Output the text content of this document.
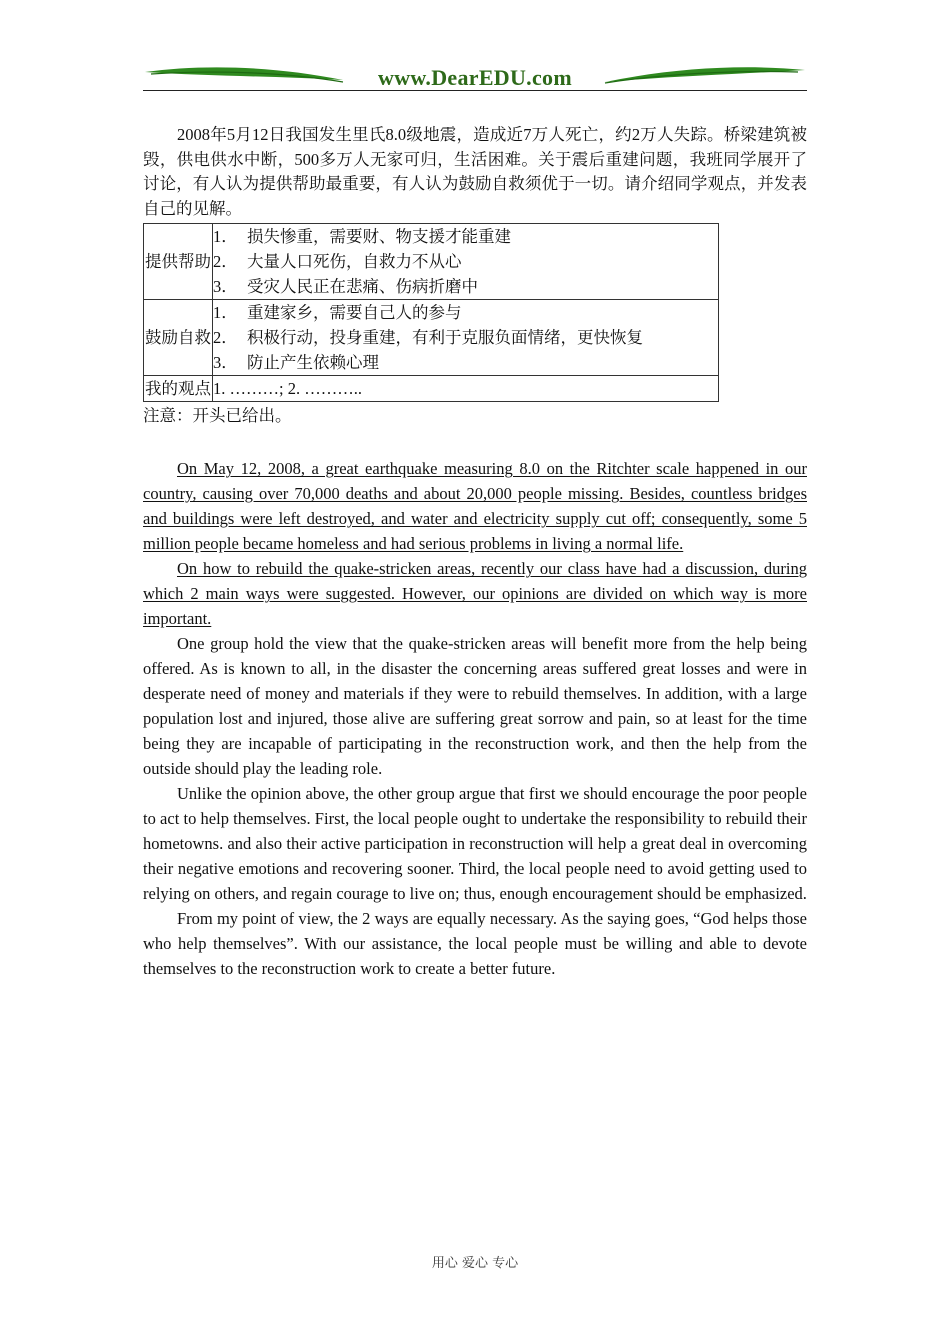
www.DearEDU.com

2008年5月12日我国发生里氏8.0级地震，造成近7万人死亡，约2万人失踪。桥梁建筑被毁，供电供水中断，500多万人无家可归，生活困难。关于震后重建问题，我班同学展开了讨论，有人认为提供帮助最重要，有人认为鼓励自救须优于一切。请介绍同学观点，并发表自己的见解。

提供帮助	1． 损失惨重，需要财、物支援才能重建
2． 大量人口死伤，自救力不从心
3． 受灾人民正在悲痛、伤病折磨中

鼓励自救	1． 重建家乡，需要自己人的参与
2． 积极行动，投身重建，有利于克服负面情绪，更快恢复
3． 防止产生依赖心理

我的观点	1. ………; 2. ………..

注意：开头已给出。

On May 12, 2008, a great earthquake measuring 8.0 on the Ritchter scale happened in our country, causing over 70,000 deaths and about 20,000 people missing. Besides, countless bridges and buildings were left destroyed, and water and electricity supply cut off; consequently, some 5 million people became homeless and had serious problems in living a normal life.

On how to rebuild the quake-stricken areas, recently our class have had a discussion, during which 2 main ways were suggested. However, our opinions are divided on which way is more important.

One group hold the view that the quake-stricken areas will benefit more from the help being offered. As is known to all, in the disaster the concerning areas suffered great losses and were in desperate need of money and materials if they were to rebuild themselves. In addition, with a large population lost and injured, those alive are suffering great sorrow and pain, so at least for the time being they are incapable of participating in the reconstruction work, and then the help from the outside should play the leading role.

Unlike the opinion above, the other group argue that first we should encourage the poor people to act to help themselves. First, the local people ought to undertake the responsibility to rebuild their hometowns. and also their active participation in reconstruction will help a great deal in overcoming their negative emotions and recovering sooner. Third, the local people need to avoid getting used to relying on others, and regain courage to live on; thus, enough encouragement should be emphasized.

From my point of view, the 2 ways are equally necessary. As the saying goes, “God helps those who help themselves”. With our assistance, the local people must be willing and able to devote themselves to the reconstruction work to create a better future.

用心 爱心 专心
